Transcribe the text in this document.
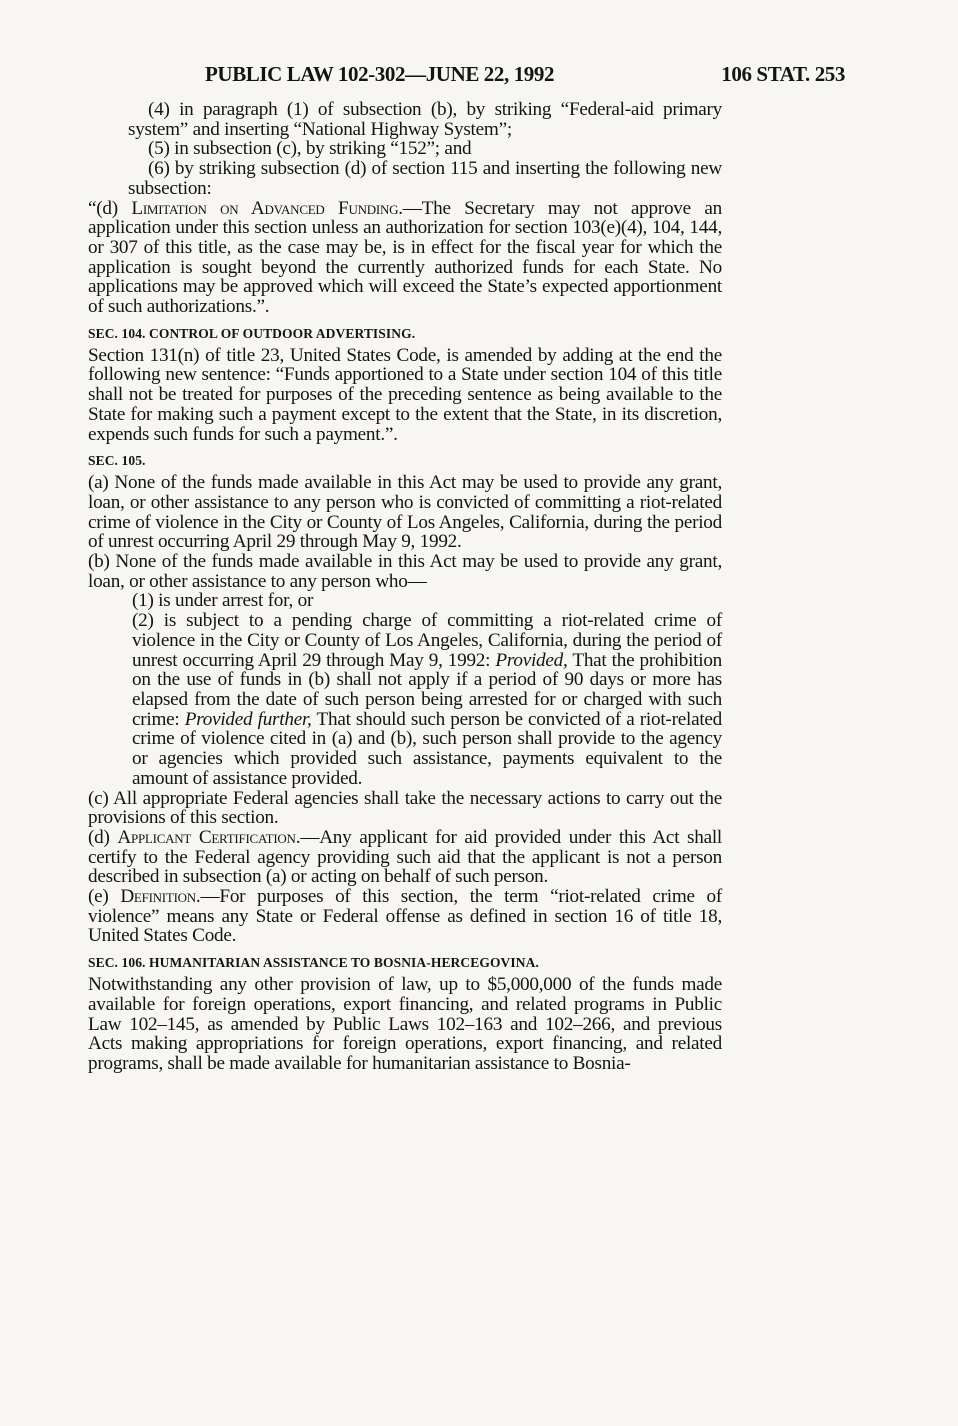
PUBLIC LAW 102-302—JUNE 22, 1992	106 STAT. 253

(4) in paragraph (1) of subsection (b), by striking “Federal-aid primary system” and inserting “National Highway System”;

(5) in subsection (c), by striking “152”; and

(6) by striking subsection (d) of section 115 and inserting the following new subsection:

“(d) Limitation on Advanced Funding.—The Secretary may not approve an application under this section unless an authorization for section 103(e)(4), 104, 144, or 307 of this title, as the case may be, is in effect for the fiscal year for which the application is sought beyond the currently authorized funds for each State. No applications may be approved which will exceed the State’s expected apportionment of such authorizations.”.

SEC. 104. CONTROL OF OUTDOOR ADVERTISING.

Section 131(n) of title 23, United States Code, is amended by adding at the end the following new sentence: “Funds apportioned to a State under section 104 of this title shall not be treated for purposes of the preceding sentence as being available to the State for making such a payment except to the extent that the State, in its discretion, expends such funds for such a payment.”.

SEC. 105.

(a) None of the funds made available in this Act may be used to provide any grant, loan, or other assistance to any person who is convicted of committing a riot-related crime of violence in the City or County of Los Angeles, California, during the period of unrest occurring April 29 through May 9, 1992.

(b) None of the funds made available in this Act may be used to provide any grant, loan, or other assistance to any person who—

(1) is under arrest for, or

(2) is subject to a pending charge of committing a riot-related crime of violence in the City or County of Los Angeles, California, during the period of unrest occurring April 29 through May 9, 1992: Provided, That the prohibition on the use of funds in (b) shall not apply if a period of 90 days or more has elapsed from the date of such person being arrested for or charged with such crime: Provided further, That should such person be convicted of a riot-related crime of violence cited in (a) and (b), such person shall provide to the agency or agencies which provided such assistance, payments equivalent to the amount of assistance provided.

(c) All appropriate Federal agencies shall take the necessary actions to carry out the provisions of this section.

(d) Applicant Certification.—Any applicant for aid provided under this Act shall certify to the Federal agency providing such aid that the applicant is not a person described in subsection (a) or acting on behalf of such person.

(e) Definition.—For purposes of this section, the term “riot-related crime of violence” means any State or Federal offense as defined in section 16 of title 18, United States Code.

SEC. 106. HUMANITARIAN ASSISTANCE TO BOSNIA-HERCEGOVINA.

Notwithstanding any other provision of law, up to $5,000,000 of the funds made available for foreign operations, export financing, and related programs in Public Law 102–145, as amended by Public Laws 102–163 and 102–266, and previous Acts making appropriations for foreign operations, export financing, and related programs, shall be made available for humanitarian assistance to Bosnia-
